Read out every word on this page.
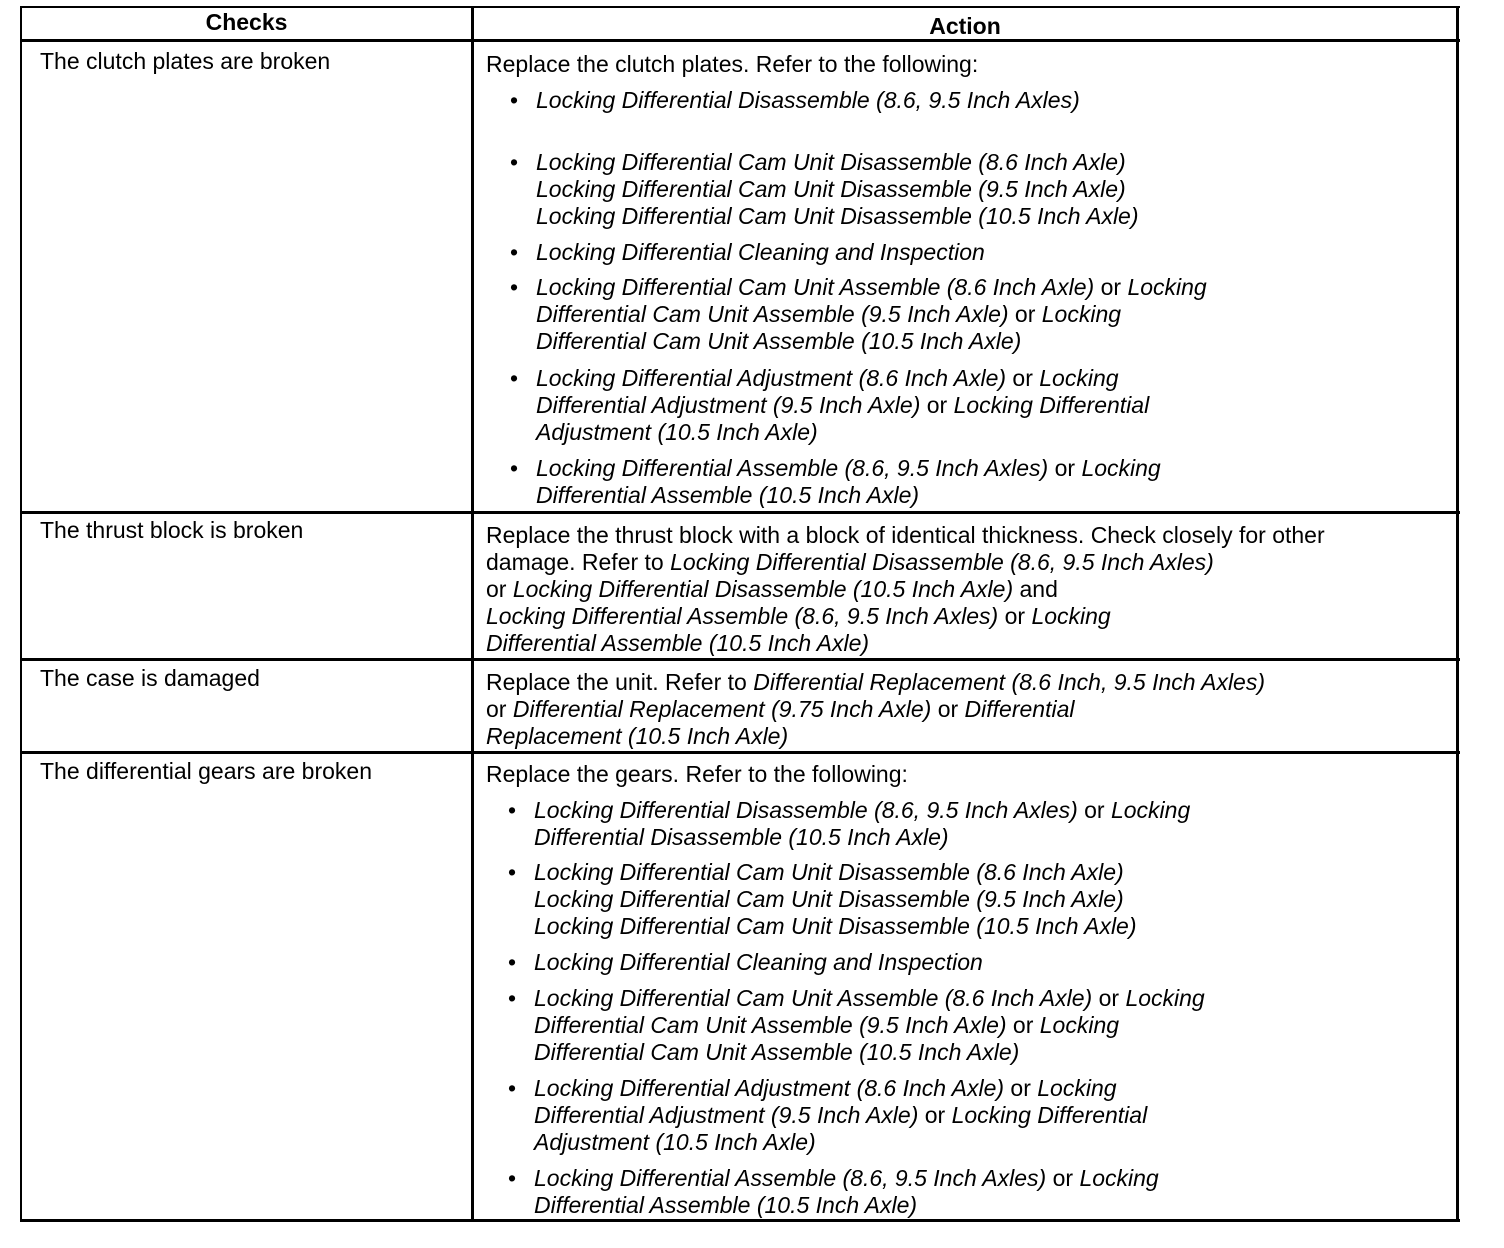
Checks	Action
The clutch plates are broken	Replace the clutch plates. Refer to the following:
• Locking Differential Disassemble (8.6, 9.5 Inch Axles)
• Locking Differential Cam Unit Disassemble (8.6 Inch Axle)
Locking Differential Cam Unit Disassemble (9.5 Inch Axle)
Locking Differential Cam Unit Disassemble (10.5 Inch Axle)
• Locking Differential Cleaning and Inspection
• Locking Differential Cam Unit Assemble (8.6 Inch Axle) or Locking
Differential Cam Unit Assemble (9.5 Inch Axle) or Locking
Differential Cam Unit Assemble (10.5 Inch Axle)
• Locking Differential Adjustment (8.6 Inch Axle) or Locking
Differential Adjustment (9.5 Inch Axle) or Locking Differential
Adjustment (10.5 Inch Axle)
• Locking Differential Assemble (8.6, 9.5 Inch Axles) or Locking
Differential Assemble (10.5 Inch Axle)
The thrust block is broken	Replace the thrust block with a block of identical thickness. Check closely for other
damage. Refer to Locking Differential Disassemble (8.6, 9.5 Inch Axles)
or Locking Differential Disassemble (10.5 Inch Axle) and
Locking Differential Assemble (8.6, 9.5 Inch Axles) or Locking
Differential Assemble (10.5 Inch Axle)
The case is damaged	Replace the unit. Refer to Differential Replacement (8.6 Inch, 9.5 Inch Axles)
or Differential Replacement (9.75 Inch Axle) or Differential
Replacement (10.5 Inch Axle)
The differential gears are broken	Replace the gears. Refer to the following:
• Locking Differential Disassemble (8.6, 9.5 Inch Axles) or Locking
Differential Disassemble (10.5 Inch Axle)
• Locking Differential Cam Unit Disassemble (8.6 Inch Axle)
Locking Differential Cam Unit Disassemble (9.5 Inch Axle)
Locking Differential Cam Unit Disassemble (10.5 Inch Axle)
• Locking Differential Cleaning and Inspection
• Locking Differential Cam Unit Assemble (8.6 Inch Axle) or Locking
Differential Cam Unit Assemble (9.5 Inch Axle) or Locking
Differential Cam Unit Assemble (10.5 Inch Axle)
• Locking Differential Adjustment (8.6 Inch Axle) or Locking
Differential Adjustment (9.5 Inch Axle) or Locking Differential
Adjustment (10.5 Inch Axle)
• Locking Differential Assemble (8.6, 9.5 Inch Axles) or Locking
Differential Assemble (10.5 Inch Axle)
